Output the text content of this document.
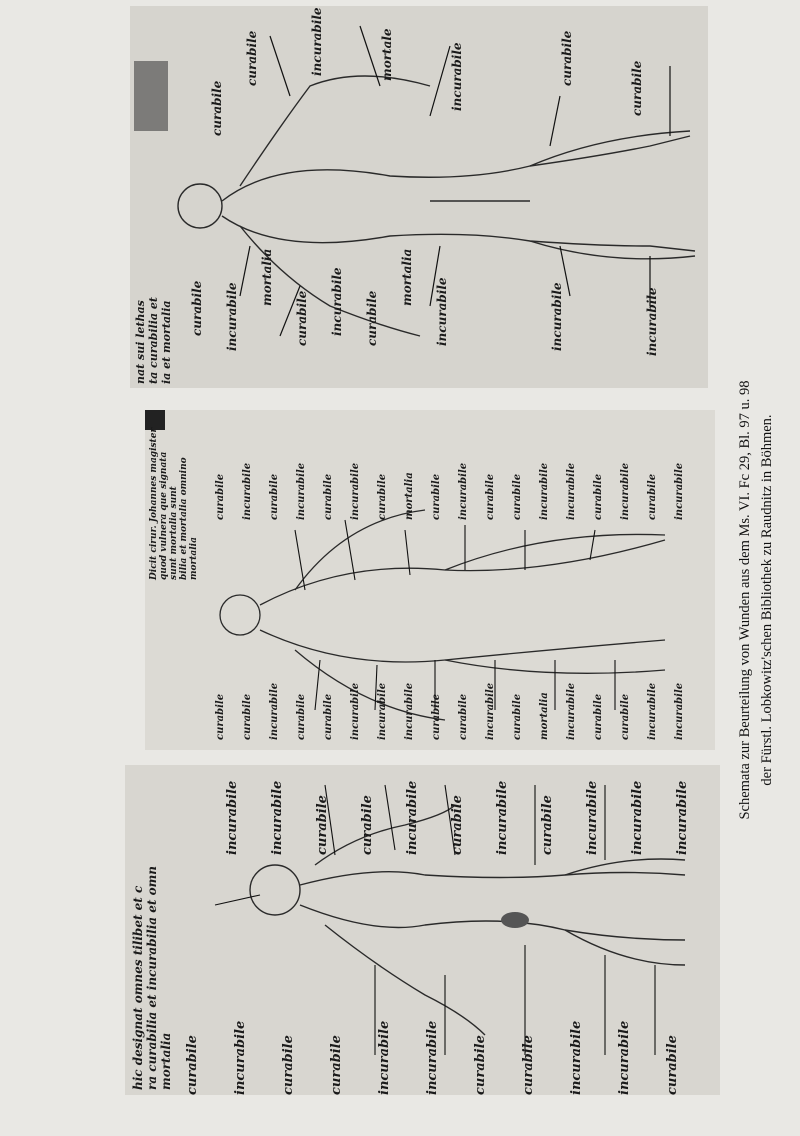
nat sui lethas ta curabilia et ia et mortalia curabile incurabile
mortalia
curabile incurabile curabile
mortalia
incurabile
curabile
curabile	incurabile	mortale	incurabile	curabile
curabile
incurabile	incurabile
Dicit cirur. Johannes magister quod vulnera que signata sunt mortalia sunt bilia et mortalia omnino mortalia
curabile curabile incurabile curabile curabile incurabile incurabile incurabile curabile curabile incurabile curabile mortalia incurabile curabile curabile incurabile incurabile
curabile incurabile curabile incurabile curabile incurabile curabile mortalia curabile incurabile curabile curabile incurabile incurabile curabile incurabile curabile incurabile
hic designat omnes tilibet et c ra curabilia et incurabilia et omn mortalia curabile	incurabile	curabile	curabile	incurabile	incurabile	curabile	curabile	incurabile	incurabile	curabile
incurabile incurabile curabile curabile incurabile curabile incurabile curabile incurabile incurabile incurabile	Schemata zur Beurteilung von Wunden aus dem Ms. VI. Fc 29, Bl. 97 u. 98 der Fürstl. Lobkowitz'schen Bibliothek zu Raudnitz in Böhmen.
